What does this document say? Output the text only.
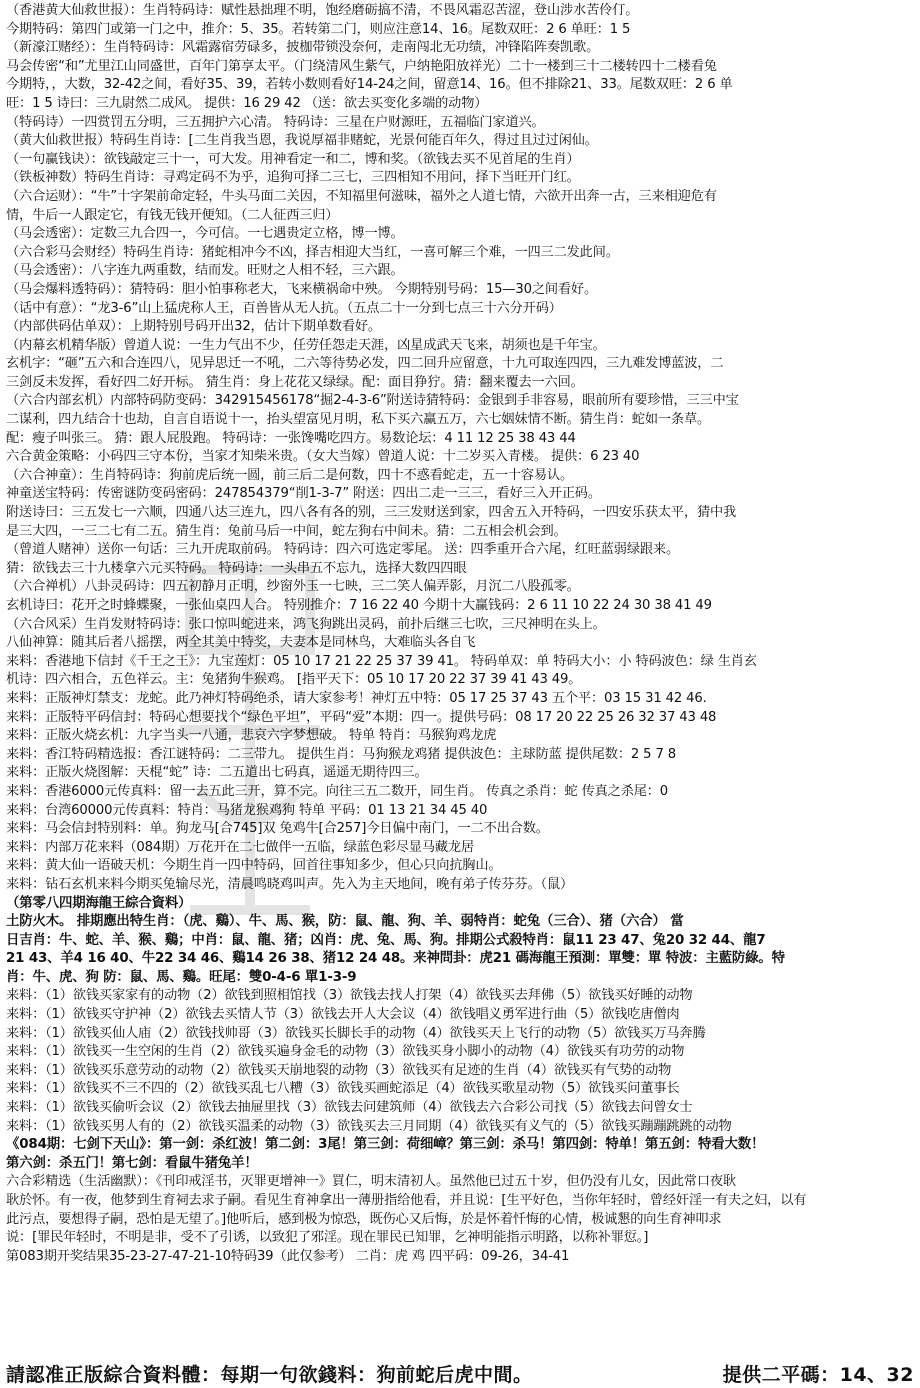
（香港黄大仙救世报）：生肖特码诗：赋性悬拙理不明，饱经磨砺搞不清，不畏风霜忍苦涩，登山涉水苦伶仃。
今期特码：第四门或第一门之中，推介：5、35。若转第二门，则应注意14、16。尾数双旺：2 6 单旺：1 5
（新濠江赌经）：生肖特码诗：风霜露宿劳碌多，披枷带锁没奈何，走南闯北无功绩，冲锋陷阵奏凯歌。
马会传密“和”尤里江山同盛世，百年门第享太平。（门绕清风生紫气，户纳艳阳放祥光）二十一楼到三十二楼转四十二楼看兔
今期特，，大数，32-42之间，看好35、39，若转小数则看好14-24之间，留意14、16。但不排除21、33。尾数双旺：2 6 单
旺：1 5 诗曰：三九尉然二成风。 提供：16 29 42 （送：欲去买变化多端的动物）
（特码诗）一四赏罚五分明，三五拥护六心清。 特码诗：三星在户财源旺，五福临门家道兴。
（黄大仙救世报）特码生肖诗：[二生肖我当恩，我说厚福非赌蛇，光景何能百年久，得过且过过闲仙。
（一句赢钱诀）：欲钱敲定三十一，可大发。用神看定一和二，博和奖。（欲钱去买不见首尾的生肖）
（铁板神数）特码生肖诗：寻鸡定码不为乎，追狗可择二三七，三四相知不用问，择下当旺开门红。
（六合运财）：“牛”十字架前命定轻，牛头马面二关因，不知福里何滋味，福外之人道七情，六欲开出奔一古，三来相迎危有
情，牛后一人跟定它，有钱无钱开便知。（二人征西三归）
（马会透密）：定数三九合四一，今可信。一七遇贵定立格，博一博。
（六合彩马会财经）特码生肖诗：猪蛇相冲今不凶，择吉相迎大当红，一喜可解三个难，一四三二发此间。
（马会透密）：八字连九两重数，结而发。旺财之人相不轻，三六跟。
（马会爆料透特码）：猜特码：胆小怕事称老大，飞来横祸命中殃。 今期特别号码：15—30之间看好。
（话中有意）：“龙3-6”山上猛虎称人王，百兽皆从无人抗。（五点二十一分到七点三十六分开码）
（内部供码估单双）：上期特别号码开出32，估计下期单数看好。
（内幕玄机精华版）曾道人说：一生力气出不少，任劳任怨走天涯，凶星成武天飞来，胡须也是千年宝。
玄机字：“砸”五六和合连四八，见异思迁一不吼，二六等待势必发，四二回升应留意，十九可取连四四，三九难发博蓝波，二
三剑反未发挥，看好四二好开标。 猜生肖：身上花花又绿绿。配：面目狰狞。猜：翻来覆去一六回。
（六合内部玄机）内部特码防变码：342915456178“掘2-4-3-6”附送诗猜特码：金银到手非容易，眼前所有要珍惜，三三中宝
二谋利，四九结合十也劫，自言自语说十一，抬头望富见月明，私下买六赢五万，六七姻妹情不断。猜生肖：蛇如一条草。
配：瘦子叫张三。 猜：跟人屁股跑。 特码诗：一张馋嘴吃四方。易数论坛：4 11 12 25 38 43 44
六合黄金策略：小码四三守本份，当家才知柴米贵。（女大当嫁）曾道人说：十二岁买入青楼。 提供：6 23 40
（六合神童）：生肖特码诗：狗前虎后统一圆，前三后二是何数，四十不惑看蛇走，五一十容易认。
神童送宝特码：传密谜防变码密码：247854379“削1-3-7” 附送：四出二走一三三，看好三入开正码。
附送诗曰：三五发七一六顺，四通八达三连九，四八各有各的别，三三发财送到家，四舍五入开特码，一四安乐获太平，猜中我
是三大四，一三二七有二五。猜生肖：兔前马后一中间，蛇左狗右中间未。猜：二五相会机会到。
（曾道人赌神）送你一句话：三九开虎取前码。 特码诗：四六可选定零尾。 送：四季重开合六尾，红旺蓝弱绿跟来。
猜：欲钱去三十九楼拿六元买特码。 特码诗：一头串五不忘九，选择大数四四眼
（六合禅机）八卦灵码诗：四五初静月正明，纱窗外玉一七映，三二笑人偏弄影，月沉二八股孤零。
玄机诗曰：花开之时蜂蝶聚，一张仙桌四人合。 特别推介：7 16 22 40 今期十大赢钱码：2 6 11 10 22 24 30 38 41 49
（六合风采）生肖发财特码诗：张口惊叫蛇进来，鸿飞狗跳出灵码，前扑后继三七吹，三尺神明在头上。
八仙神算：随其后者八摇摆，两全其美中特奖，夫妻本是同林鸟，大难临头各自飞
来料：香港地下信封《千王之王》：九宝莲灯：05 10 17 21 22 25 37 39 41。 特码单双：单 特码大小：小 特码波色：绿 生肖玄
机诗：四六相合，五色祥云。主：兔猪狗牛猴鸡。 [指平天下：05 10 17 20 22 37 39 41 43 49。
来料：正版神灯禁支：龙蛇。此乃神灯特码绝杀，请大家参考！神灯五中特：05 17 25 37 43 五个平：03 15 31 42 46.
来料：正版特平码信封：特码心想要找个“绿色平坦”，平码“爱”本期：四一。提供号码：08 17 20 22 25 26 32 37 43 48
来料：正版火烧玄机：九字当头一八通，悲哀六字梦想破。 特单 特肖：马猴狗鸡龙虎
来料：香江特码精选报：香江谜特码：二三带九。 提供生肖：马狗猴龙鸡猪 提供波色：主球防蓝 提供尾数：2 5 7 8
来料：正版火烧图解：天棍“蛇” 诗：二五道出七码真，遥遥无期待四三。
来料：香港6000元传真料：留一去五此三开，算不完。向往三五二数开，同生肖。 传真之杀肖：蛇 传真之杀尾：0
来料：台湾60000元传真料：特肖：马猪龙猴鸡狗 特单 平码：01 13 21 34 45 40
来料：马会信封特别料：单。狗龙马[合745]双 兔鸡牛[合257]今日偏中南门，一二不出合数。
来料：内部万花来料（084期）万花开在二七做伴一五临，绿蓝色彩尽显马藏龙居
来料：黄大仙一语破天机：今期生肖一四中特码，回首往事知多少，但心只向抗胸山。
来料：钻石玄机来料今期买兔输尽光，清晨鸣晓鸡叫声。先入为主天地间，晚有弟子传芬芬。（鼠）
（第零八四期海龍王綜合資料）
土防火木。 排期應出特生肖：（虎、鷄）、牛、馬、猴，防：鼠、龍、狗、羊、弱特肖：蛇兔（三合）、猪（六合） 當
日吉肖：牛、蛇、羊、猴、鷄；中肖：鼠、龍、猪；凶肖：虎、兔、馬、狗。排期公式殺特肖：鼠11 23 47、兔20 32 44、龍7
21 43、羊4 16 40、牛22 34 46、鷄14 26 38、猪12 24 48。来神問卦：虎21 碼海龍王預測：單雙：單 特波：主藍防綠。特
肖：牛、虎、狗 防：鼠、馬、鷄。旺尾：雙0-4-6 單1-3-9
来料：（1）欲钱买家家有的动物（2）欲钱到照相馆找（3）欲钱去找人打架（4）欲钱买去拜佛（5）欲钱买好睡的动物
来料：（1）欲钱买守护神（2）欲钱去买情人节（3）欲钱去开人大会议（4）欲钱唱义勇军进行曲（5）欲钱吃唐僧肉
来料：（1）欲钱买仙人庙（2）欲钱找帅哥（3）欲钱买长脚长手的动物（4）欲钱买天上飞行的动物（5）欲钱买万马奔腾
来料：（1）欲钱买一生空闲的生肖（2）欲钱买遍身金毛的动物（3）欲钱买身小脚小的动物（4）欲钱买有功劳的动物
来料：（1）欲钱买乐意劳动的动物（2）欲钱买天崩地裂的动物（3）欲钱买有足迹的生肖（4）欲钱买有气势的动物
来料：（1）欲钱买不三不四的（2）欲钱买乱七八糟（3）欲钱买画蛇添足（4）欲钱买歌星动物（5）欲钱买问董事长
来料：（1）欲钱买偷听会议（2）欲钱去抽屉里找（3）欲钱去问建筑师（4）欲钱去六合彩公司找（5）欲钱去问曾女士
来料：（1）欲钱买男人有的（2）欲钱买温柔的动物（3）欲钱买去三月同期（4）欲钱买有义气的（5）欲钱买蹦蹦跳跳的动物
《084期：七剑下天山》：第一剑：杀红波！第二剑：3尾！第三剑：荷细嶂？第三剑：杀马！第四剑：特单！第五剑：特看大数！
第六剑：杀五门！第七剑：看鼠牛猪兔羊！
六合彩精选（生活幽默）：《刊印戒淫书，灭罪更增神一》買仁，明末清初人。虽然他已过五十岁，但仍没有儿女，因此常口夜耿
耿於怀。有一夜，他梦到生育祠去求子嗣。看见生育神拿出一薄册指给他看，并且说：[生平好色，当你年轻时，曾经奸淫一有夫之妇，以有
此污点，要想得子嗣，恐怕是无望了。]他听后，感到极为惊恐，既伤心又后悔，於是怀着忏悔的心情，极诚懇的向生育神叩求
说：[罪民年轻时，不明是非，受不了引诱，以致犯了邪淫。现在罪民已知罪，乞神明能指示明路，以称补罪愆。]
第083期开奖结果35-23-27-47-21-10特码39（此仅参考） 二肖：虎 鸡 四平码：09-26，34-41
請認准正版綜合資料體：每期一句欲錢料：狗前蛇后虎中間。	提供二平碼：14、32
